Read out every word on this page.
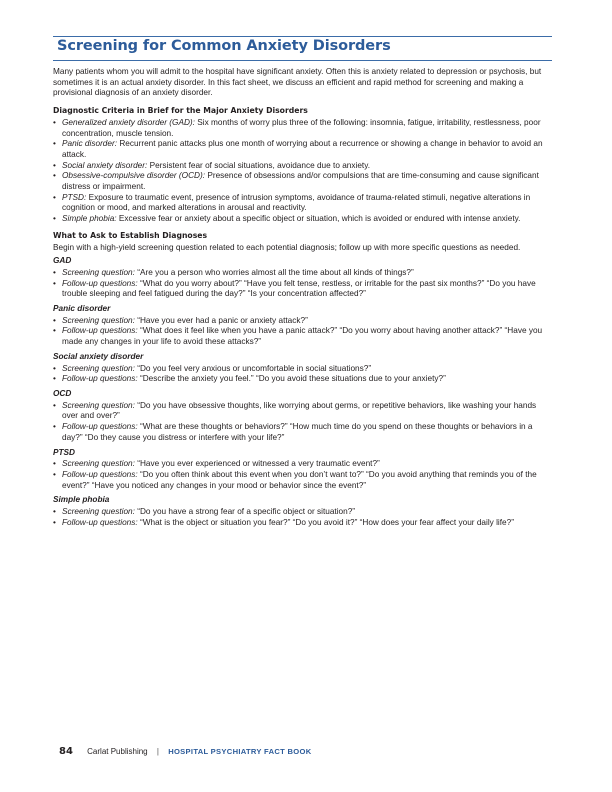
Screening for Common Anxiety Disorders

Many patients whom you will admit to the hospital have significant anxiety. Often this is anxiety related to depression or psychosis, but sometimes it is an actual anxiety disorder. In this fact sheet, we discuss an efficient and rapid method for screening and making a provisional diagnosis of an anxiety disorder.

Diagnostic Criteria in Brief for the Major Anxiety Disorders

• Generalized anxiety disorder (GAD): Six months of worry plus three of the following: insomnia, fatigue, irritability, restlessness, poor concentration, muscle tension.
• Panic disorder: Recurrent panic attacks plus one month of worrying about a recurrence or showing a change in behavior to avoid an attack.
• Social anxiety disorder: Persistent fear of social situations, avoidance due to anxiety.
• Obsessive-compulsive disorder (OCD): Presence of obsessions and/or compulsions that are time-consuming and cause significant distress or impairment.
• PTSD: Exposure to traumatic event, presence of intrusion symptoms, avoidance of trauma-related stimuli, negative alterations in cognition or mood, and marked alterations in arousal and reactivity.
• Simple phobia: Excessive fear or anxiety about a specific object or situation, which is avoided or endured with intense anxiety.

What to Ask to Establish Diagnoses

Begin with a high-yield screening question related to each potential diagnosis; follow up with more specific questions as needed.

GAD

• Screening question: “Are you a person who worries almost all the time about all kinds of things?”
• Follow-up questions: “What do you worry about?” “Have you felt tense, restless, or irritable for the past six months?” “Do you have trouble sleeping and feel fatigued during the day?” “Is your concentration affected?”

Panic disorder

• Screening question: “Have you ever had a panic or anxiety attack?”
• Follow-up questions: “What does it feel like when you have a panic attack?” “Do you worry about having another attack?” “Have you made any changes in your life to avoid these attacks?”

Social anxiety disorder

• Screening question: “Do you feel very anxious or uncomfortable in social situations?”
• Follow-up questions: “Describe the anxiety you feel.” “Do you avoid these situations due to your anxiety?”

OCD

• Screening question: “Do you have obsessive thoughts, like worrying about germs, or repetitive behaviors, like washing your hands over and over?”
• Follow-up questions: “What are these thoughts or behaviors?” “How much time do you spend on these thoughts or behaviors in a day?” “Do they cause you distress or interfere with your life?”

PTSD

• Screening question: “Have you ever experienced or witnessed a very traumatic event?”
• Follow-up questions: “Do you often think about this event when you don’t want to?” “Do you avoid anything that reminds you of the event?” “Have you noticed any changes in your mood or behavior since the event?”

Simple phobia

• Screening question: “Do you have a strong fear of a specific object or situation?”
• Follow-up questions: “What is the object or situation you fear?” “Do you avoid it?” “How does your fear affect your daily life?”
84 Carlat Publishing | HOSPITAL PSYCHIATRY FACT BOOK
